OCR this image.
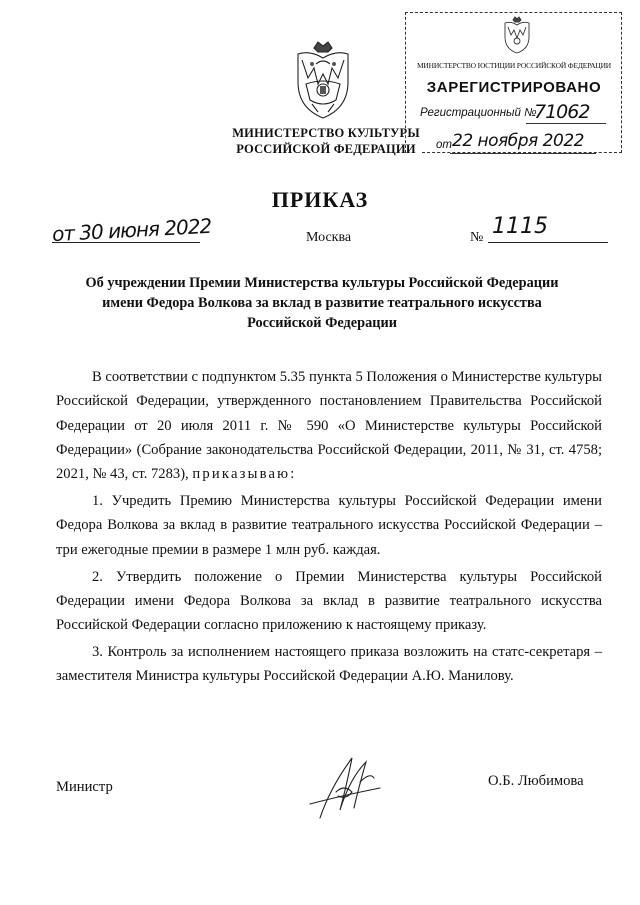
МИНИСТЕРСТВО КУЛЬТУРЫ
РОССИЙСКОЙ ФЕДЕРАЦИИ
МИНИСТЕРСТВО ЮСТИЦИИ РОССИЙСКОЙ ФЕДЕРАЦИИ
ЗАРЕГИСТРИРОВАНО
Регистрационный №
71062
от 22 ноября 2022
ПРИКАЗ
от 30 июня 2022	Москва	№ 1115
Об учреждении Премии Министерства культуры Российской Федерации
имени Федора Волкова за вклад в развитие театрального искусства
Российской Федерации

В соответствии с подпунктом 5.35 пункта 5 Положения о Министерстве культуры Российской Федерации, утвержденного постановлением Правительства Российской Федерации от 20 июля 2011 г. № 590 «О Министерстве культуры Российской Федерации» (Собрание законодательства Российской Федерации, 2011, № 31, ст. 4758; 2021, № 43, ст. 7283), приказываю:

1. Учредить Премию Министерства культуры Российской Федерации имени Федора Волкова за вклад в развитие театрального искусства Российской Федерации – три ежегодные премии в размере 1 млн руб. каждая.

2. Утвердить положение о Премии Министерства культуры Российской Федерации имени Федора Волкова за вклад в развитие театрального искусства Российской Федерации согласно приложению к настоящему приказу.

3. Контроль за исполнением настоящего приказа возложить на статс-секретаря – заместителя Министра культуры Российской Федерации А.Ю. Манилову.

Министр	О.Б. Любимова
